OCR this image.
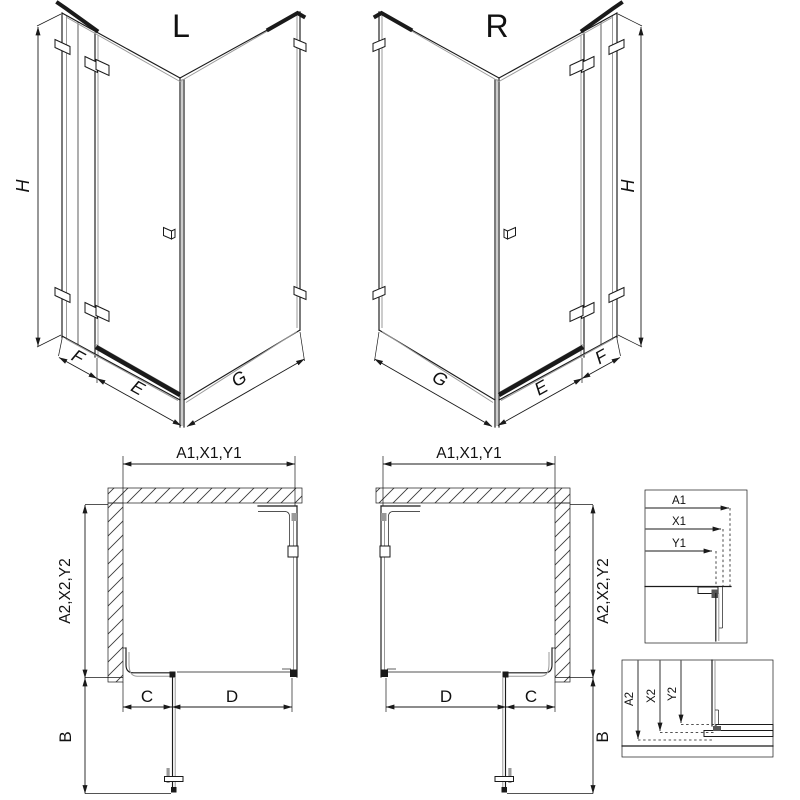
L	R
H
F
E	G
H
F
E
G
A1,X1,Y1
A2,X2,Y2
B
C	D
A1,X1,Y1
A2,X2,Y2
B
D	C
A1
X1
Y1
A2 X2 Y2
